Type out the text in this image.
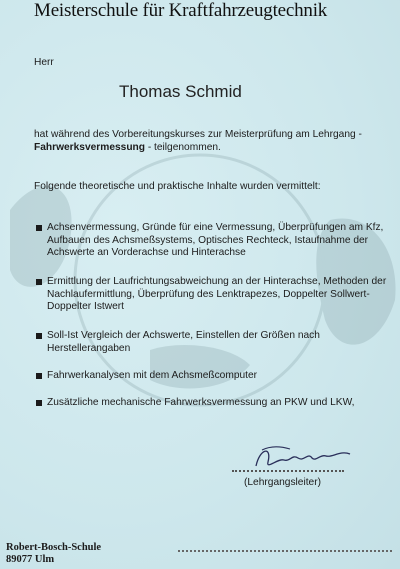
Meisterschule für Kraftfahrzeugtechnik
Herr
Thomas Schmid
hat während des Vorbereitungskurses zur Meisterprüfung am Lehrgang -
Fahrwerksvermessung - teilgenommen.
Folgende theoretische und praktische Inhalte wurden vermittelt:
Achsenvermessung, Gründe für eine Vermessung, Überprüfungen am Kfz, Aufbauen des Achsmeßsystems, Optisches Rechteck, Istaufnahme der Achswerte an Vorderachse und Hinterachse
Ermittlung der Laufrichtungsabweichung an der Hinterachse, Methoden der Nachlaufermittlung, Überprüfung des Lenktrapezes, Doppelter Sollwert-Doppelter Istwert
Soll-Ist Vergleich der Achswerte, Einstellen der Größen nach Herstellerangaben
Fahrwerkanalysen mit dem Achsmeßcomputer
Zusätzliche mechanische Fahrwerksvermessung an PKW und LKW,
(Lehrgangsleiter)
Robert-Bosch-Schule
89077 Ulm
